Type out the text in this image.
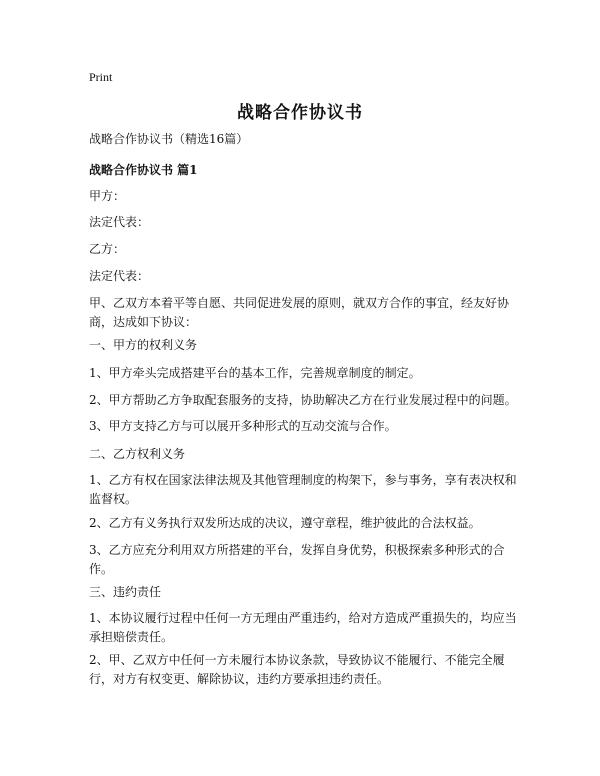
Print
战略合作协议书
战略合作协议书（精选16篇）
战略合作协议书 篇1
甲方：
法定代表：
乙方：
法定代表：
甲、乙双方本着平等自愿、共同促进发展的原则，就双方合作的事宜，经友好协商，达成如下协议：
一、甲方的权利义务
1、甲方牵头完成搭建平台的基本工作，完善规章制度的制定。
2、甲方帮助乙方争取配套服务的支持，协助解决乙方在行业发展过程中的问题。
3、甲方支持乙方与可以展开多种形式的互动交流与合作。
二、乙方权利义务
1、乙方有权在国家法律法规及其他管理制度的构架下，参与事务，享有表决权和监督权。
2、乙方有义务执行双发所达成的决议，遵守章程，维护彼此的合法权益。
3、乙方应充分利用双方所搭建的平台，发挥自身优势，积极探索多种形式的合作。
三、违约责任
1、本协议履行过程中任何一方无理由严重违约，给对方造成严重损失的，均应当承担赔偿责任。
2、甲、乙双方中任何一方未履行本协议条款，导致协议不能履行、不能完全履行，对方有权变更、解除协议，违约方要承担违约责任。
